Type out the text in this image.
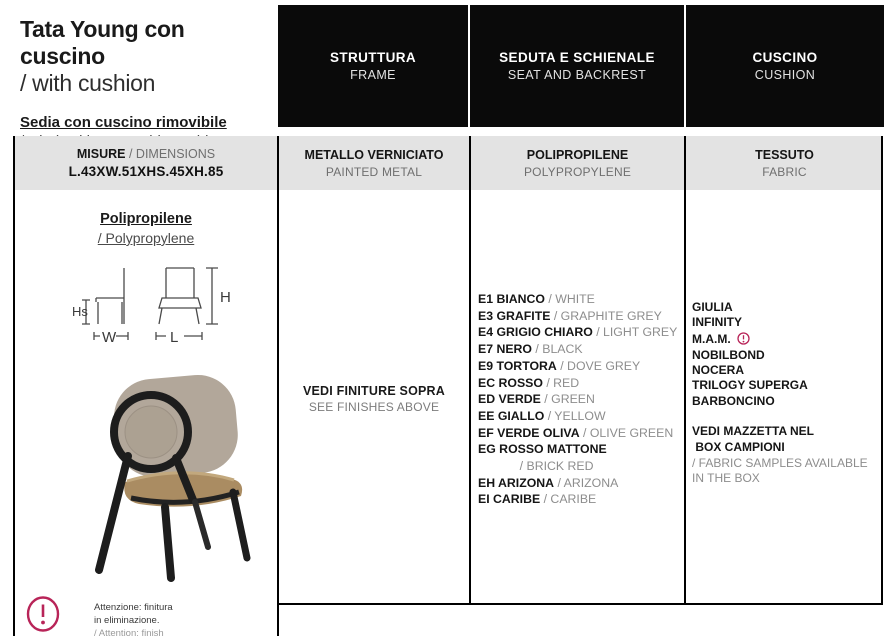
Tata Young con cuscino
/ with cushion
Sedia con cuscino rimovibile
STRUTTURA
FRAME
SEDUTA E SCHIENALE
SEAT AND BACKREST
CUSCINO
CUSHION
MISURE / DIMENSIONS
L.43XW.51XHS.45XH.85
METALLO VERNICIATO
PAINTED METAL
POLIPROPILENE
POLYPROPYLENE
TESSUTO
FABRIC
Polipropilene
/ Polypropylene
Hs
W
H
L
VEDI FINITURE SOPRA
SEE FINISHES ABOVE
E1 BIANCO / WHITE
E3 GRAFITE / GRAPHITE GREY
E4 GRIGIO CHIARO / LIGHT GREY
E7 NERO / BLACK
E9 TORTORA / DOVE GREY
EC ROSSO / RED
ED VERDE / GREEN
EE GIALLO / YELLOW
EF VERDE OLIVA / OLIVE GREEN
EG ROSSO MATTONE
/ BRICK RED
EH ARIZONA / ARIZONA
EI CARIBE / CARIBE
GIULIA
INFINITY
M.A.M.
NOBILBOND
NOCERA
TRILOGY SUPERGA
BARBONCINO
VEDI MAZZETTA NEL
BOX CAMPIONI
/ FABRIC SAMPLES AVAILABLE
IN THE BOX
Attenzione: finitura
in eliminazione.
/ Attention: finish
